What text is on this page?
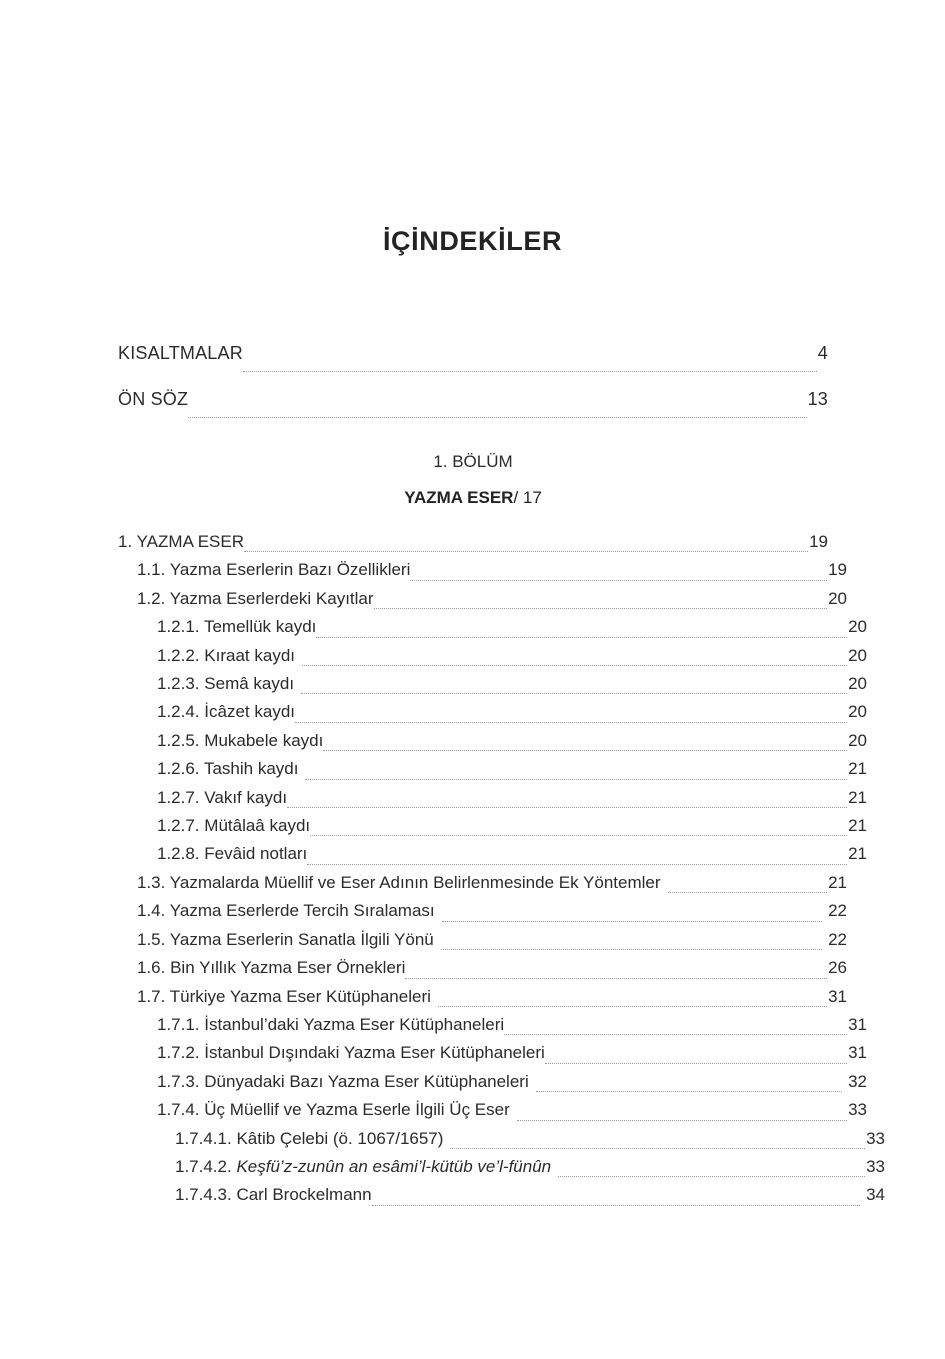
İÇİNDEKİLER
KISALTMALAR	4
ÖN SÖZ	13
1. BÖLÜM
YAZMA ESER/ 17
1. YAZMA ESER	19
1.1. Yazma Eserlerin Bazı Özellikleri	19
1.2. Yazma Eserlerdeki Kayıtlar	20
1.2.1. Temellük kaydı	20
1.2.2. Kıraat kaydı	20
1.2.3. Semâ kaydı	20
1.2.4. İcâzet kaydı	20
1.2.5. Mukabele kaydı	20
1.2.6. Tashih kaydı	21
1.2.7. Vakıf kaydı	21
1.2.7. Mütâlaâ kaydı	21
1.2.8. Fevâid notları	21
1.3. Yazmalarda Müellif ve Eser Adının Belirlenmesinde Ek Yöntemler	21
1.4. Yazma Eserlerde Tercih Sıralaması	22
1.5. Yazma Eserlerin Sanatla İlgili Yönü	22
1.6. Bin Yıllık Yazma Eser Örnekleri	26
1.7. Türkiye Yazma Eser Kütüphaneleri	31
1.7.1. İstanbul’daki Yazma Eser Kütüphaneleri	31
1.7.2. İstanbul Dışındaki Yazma Eser Kütüphaneleri	31
1.7.3. Dünyadaki Bazı Yazma Eser Kütüphaneleri	32
1.7.4. Üç Müellif ve Yazma Eserle İlgili Üç Eser	33
1.7.4.1. Kâtib Çelebi (ö. 1067/1657)	33
1.7.4.2. Keşfü’z-zunûn an esâmi’l-kütüb ve’l-fünûn	33
1.7.4.3. Carl Brockelmann	34
